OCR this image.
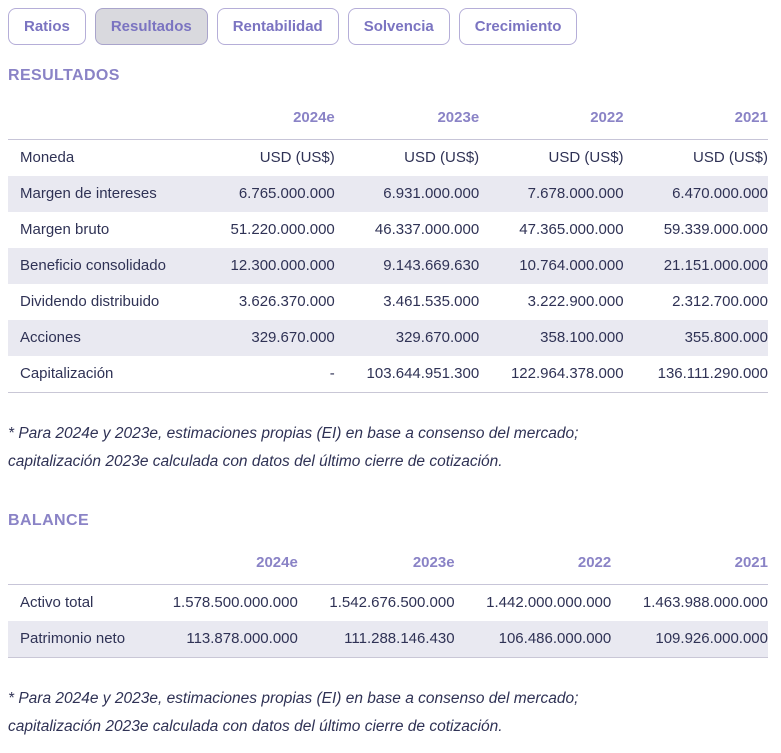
Ratios	Resultados	Rentabilidad	Solvencia	Crecimiento
RESULTADOS
	2024e	2023e	2022	2021
Moneda	USD (US$)	USD (US$)	USD (US$)	USD (US$)
Margen de intereses	6.765.000.000	6.931.000.000	7.678.000.000	6.470.000.000
Margen bruto	51.220.000.000	46.337.000.000	47.365.000.000	59.339.000.000
Beneficio consolidado	12.300.000.000	9.143.669.630	10.764.000.000	21.151.000.000
Dividendo distribuido	3.626.370.000	3.461.535.000	3.222.900.000	2.312.700.000
Acciones	329.670.000	329.670.000	358.100.000	355.800.000
Capitalización	-	103.644.951.300	122.964.378.000	136.111.290.000
* Para 2024e y 2023e, estimaciones propias (EI) en base a consenso del mercado;
capitalización 2023e calculada con datos del último cierre de cotización.
BALANCE
	2024e	2023e	2022	2021
Activo total	1.578.500.000.000	1.542.676.500.000	1.442.000.000.000	1.463.988.000.000
Patrimonio neto	113.878.000.000	111.288.146.430	106.486.000.000	109.926.000.000
* Para 2024e y 2023e, estimaciones propias (EI) en base a consenso del mercado;
capitalización 2023e calculada con datos del último cierre de cotización.
